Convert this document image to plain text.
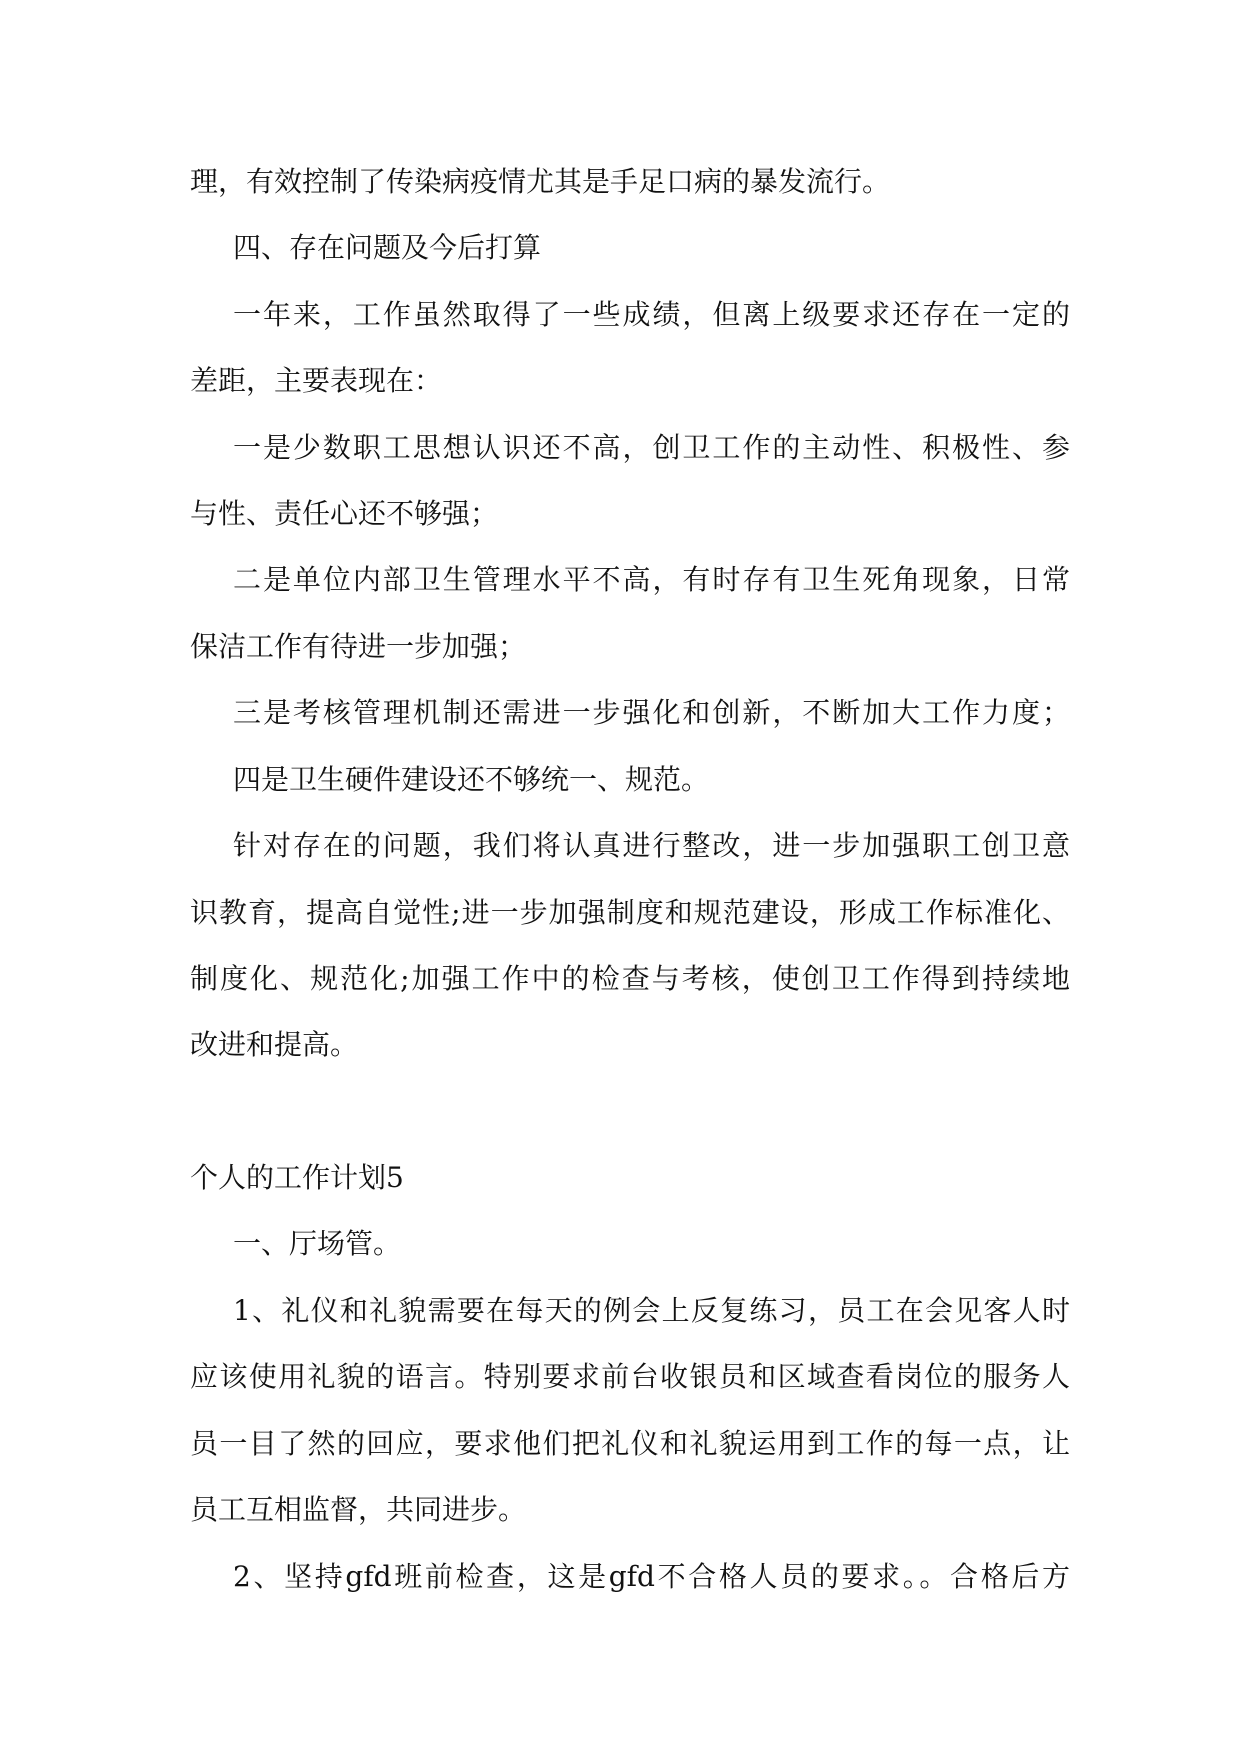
理，有效控制了传染病疫情尤其是手足口病的暴发流行。

四、存在问题及今后打算

一年来，工作虽然取得了一些成绩，但离上级要求还存在一定的

差距，主要表现在：

一是少数职工思想认识还不高，创卫工作的主动性、积极性、参

与性、责任心还不够强；

二是单位内部卫生管理水平不高，有时存有卫生死角现象，日常

保洁工作有待进一步加强；

三是考核管理机制还需进一步强化和创新，不断加大工作力度；

四是卫生硬件建设还不够统一、规范。

针对存在的问题，我们将认真进行整改，进一步加强职工创卫意

识教育，提高自觉性;进一步加强制度和规范建设，形成工作标准化、

制度化、规范化;加强工作中的检查与考核，使创卫工作得到持续地

改进和提高。

个人的工作计划5

一、厅场管。

1、礼仪和礼貌需要在每天的例会上反复练习，员工在会见客人时

应该使用礼貌的语言。特别要求前台收银员和区域查看岗位的服务人

员一目了然的回应，要求他们把礼仪和礼貌运用到工作的每一点，让

员工互相监督，共同进步。

2、坚持gfd班前检查，这是gfd不合格人员的要求。。合格后方
